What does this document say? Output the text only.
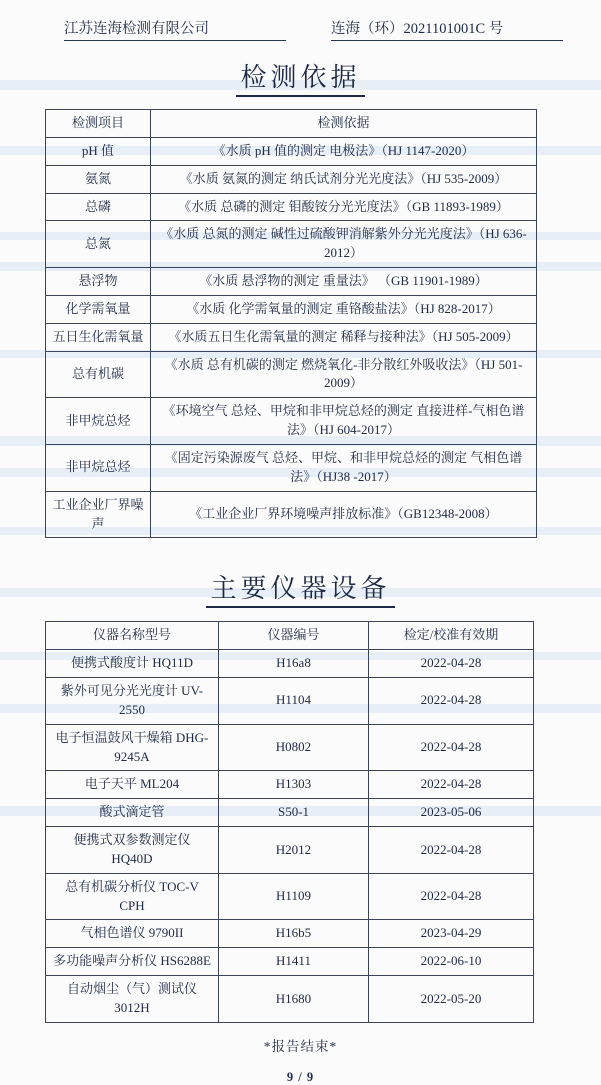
江苏连海检测有限公司	连海（环）2021101001C 号
检测依据
检测项目	检测依据
pH 值	《水质 pH 值的测定 电极法》（HJ 1147-2020）
氨氮	《水质 氨氮的测定 纳氏试剂分光光度法》（HJ 535-2009）
总磷	《水质 总磷的测定 钼酸铵分光光度法》（GB 11893-1989）
总氮	《水质 总氮的测定 碱性过硫酸钾消解紫外分光光度法》（HJ 636-2012）
悬浮物	《水质 悬浮物的测定 重量法》 （GB 11901-1989）
化学需氧量	《水质 化学需氧量的测定 重铬酸盐法》（HJ 828-2017）
五日生化需氧量	《水质五日生化需氧量的测定 稀释与接种法》（HJ 505-2009）
总有机碳	《水质 总有机碳的测定 燃烧氧化-非分散红外吸收法》（HJ 501-2009）
非甲烷总烃	《环境空气 总烃、甲烷和非甲烷总烃的测定 直接进样-气相色谱法》（HJ 604-2017）
非甲烷总烃	《固定污染源废气 总烃、甲烷、和非甲烷总烃的测定 气相色谱法》（HJ38 -2017）
工业企业厂界噪声	《工业企业厂界环境噪声排放标准》（GB12348-2008）
主要仪器设备
仪器名称型号	仪器编号	检定/校准有效期
便携式酸度计 HQ11D	H16a8	2022-04-28
紫外可见分光光度计 UV-2550	H1104	2022-04-28
电子恒温鼓风干燥箱 DHG-9245A	H0802	2022-04-28
电子天平 ML204	H1303	2022-04-28
酸式滴定管	S50-1	2023-05-06
便携式双参数测定仪 HQ40D	H2012	2022-04-28
总有机碳分析仪 TOC-V CPH	H1109	2022-04-28
气相色谱仪 9790II	H16b5	2023-04-29
多功能噪声分析仪 HS6288E	H1411	2022-06-10
自动烟尘（气）测试仪 3012H	H1680	2022-05-20
*报告结束*
9 / 9
